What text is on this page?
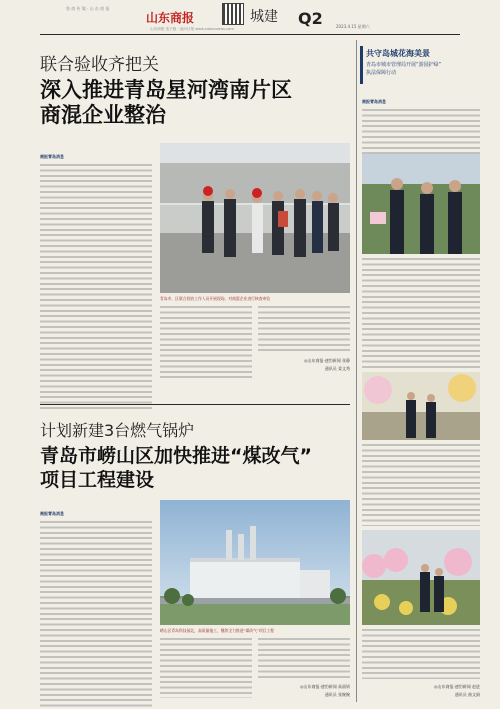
鲁 商 传 媒 · 山 东 商 报
山东商报	城建 Q2	2023.4.15 星期六
山东商报 电子版 · 追问日报 www.subaonews.com
联合验收齐把关
深入推进青岛星河湾南片区
商混企业整治
商报青岛消息
青岛市、区联合验收工作人员开展现场，对商混企业进行核查审验
◎山东商报·速豹新闻 张静
通讯员 姜文秀
计划新建3台燃气锅炉
青岛市崂山区加快推进“煤改气”
项目工程建设
商报青岛消息
崂山区青岛科技园北，高质量施工，继续全力推进“煤改气”项目工程
◎山东商报·速豹新闻 高丽妍
通讯员 张婉婉
共守岛城花海美景
青岛市城市管理局开展“游园护绿”
执法保障行动
商报青岛消息
◎山东商报·速豹新闻 赵进
通讯员 曲文娟
